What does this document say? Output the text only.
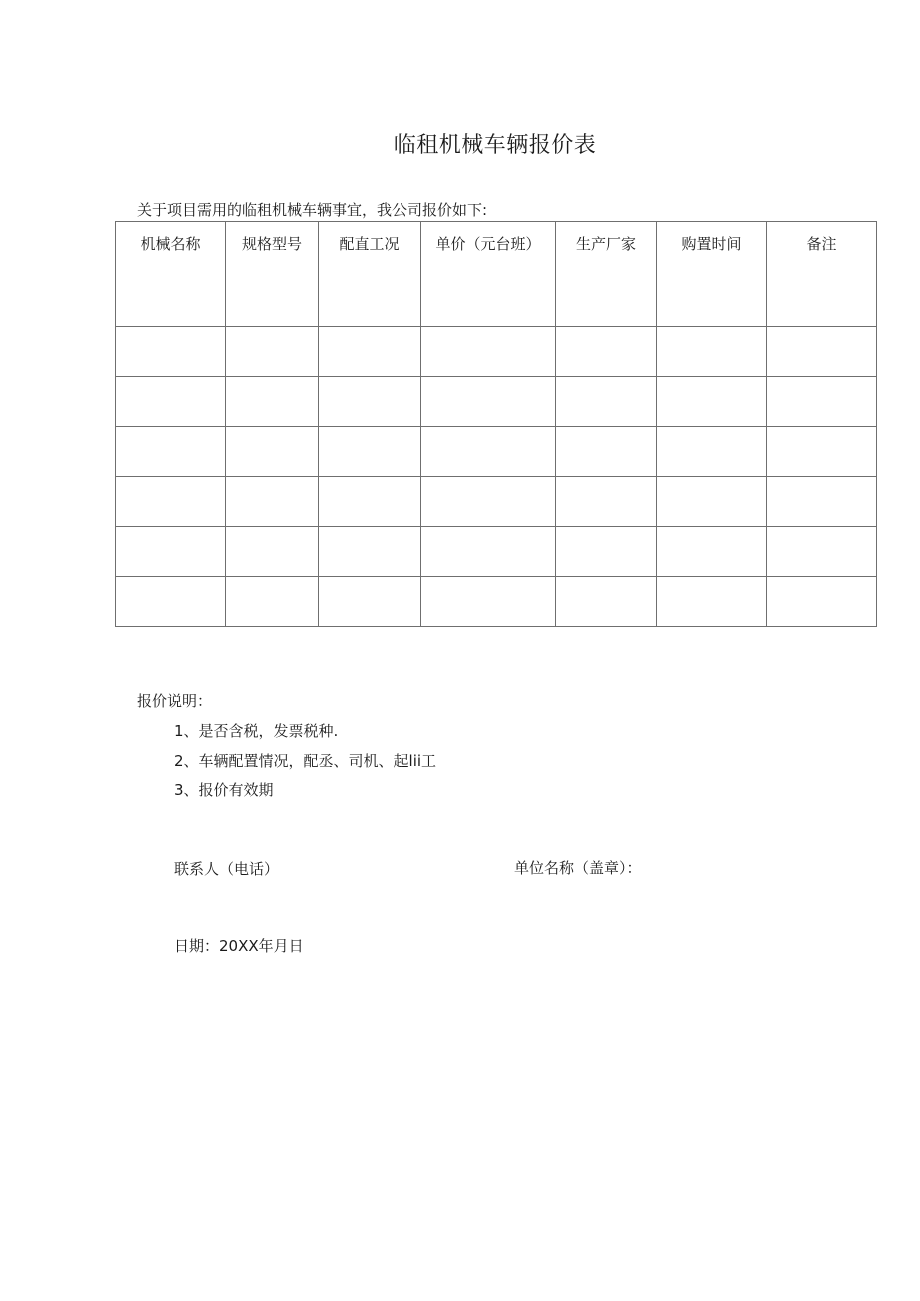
临租机械车辆报价表
关于项目需用的临租机械车辆事宜，我公司报价如下:
机械名称	规格型号	配直工况	单价（元台班）	生产厂家	购置时间	备注

报价说明：
1、是否含税，发票税种.
2、车辆配置情况，配丞、司机、起lii工
3、报价有效期
联系人（电话）	单位名称（盖章）：
日期：20XX年月日
